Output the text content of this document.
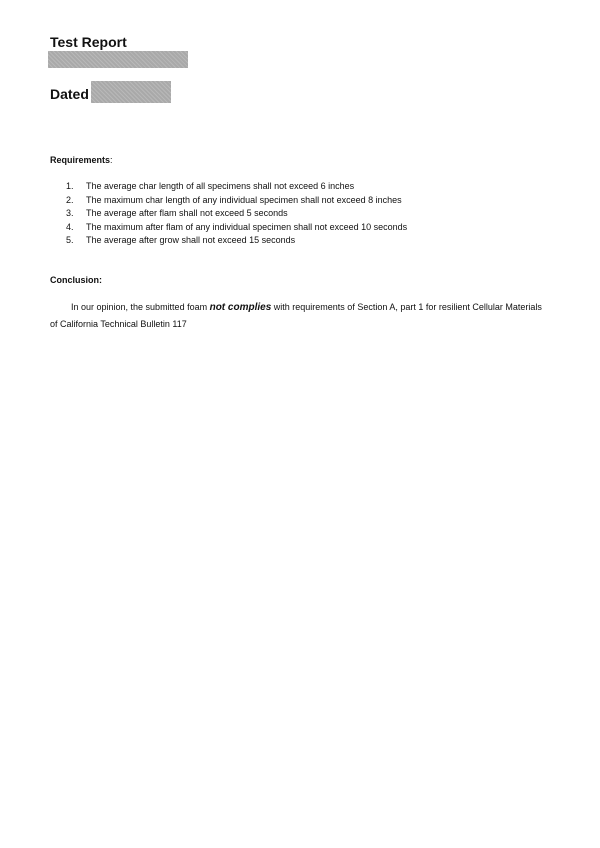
Test Report
Dated
Requirements:
1.	The average char length of all specimens shall not exceed 6 inches
2.	The maximum char length of any individual specimen shall not exceed 8 inches
3.	The average after flam shall not exceed 5 seconds
4.	The maximum after flam of any individual specimen shall not exceed 10 seconds
5.	The average after grow shall not exceed 15 seconds
Conclusion:

In our opinion, the submitted foam not complies with requirements of Section A, part 1 for resilient Cellular Materials of California Technical Bulletin 117
